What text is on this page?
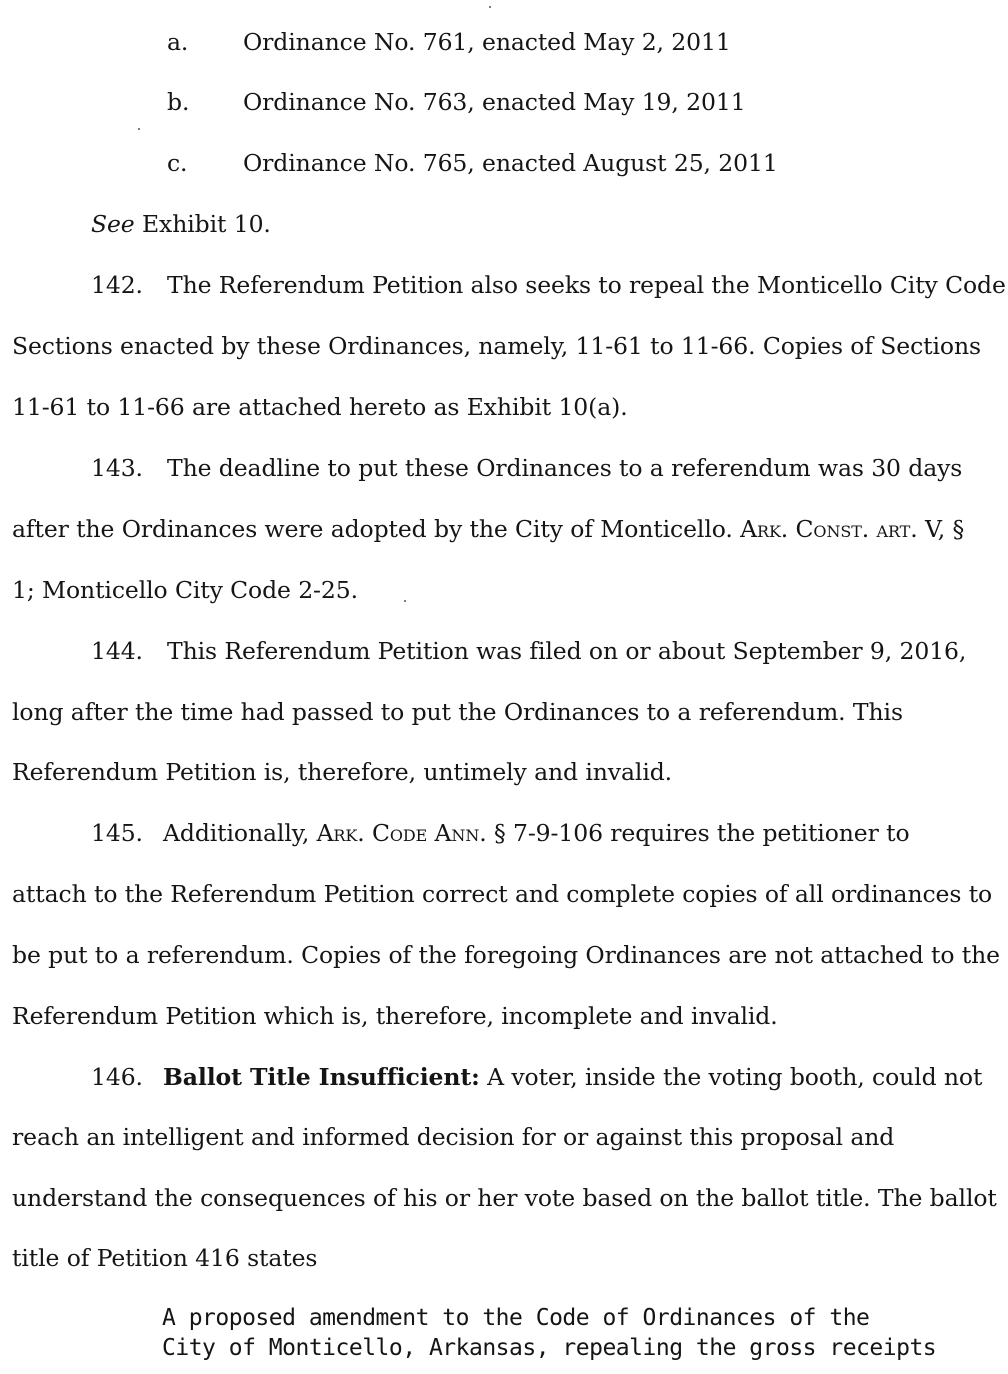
a. Ordinance No. 761, enacted May 2, 2011
b. Ordinance No. 763, enacted May 19, 2011
c. Ordinance No. 765, enacted August 25, 2011
See Exhibit 10.
142. The Referendum Petition also seeks to repeal the Monticello City Code
Sections enacted by these Ordinances, namely, 11-61 to 11-66. Copies of Sections
11-61 to 11-66 are attached hereto as Exhibit 10(a).
143. The deadline to put these Ordinances to a referendum was 30 days
after the Ordinances were adopted by the City of Monticello. Ark. Const. art. V, §
1; Monticello City Code 2-25.
144. This Referendum Petition was filed on or about September 9, 2016,
long after the time had passed to put the Ordinances to a referendum. This
Referendum Petition is, therefore, untimely and invalid.
145. Additionally, Ark. Code Ann. § 7-9-106 requires the petitioner to
attach to the Referendum Petition correct and complete copies of all ordinances to
be put to a referendum. Copies of the foregoing Ordinances are not attached to the
Referendum Petition which is, therefore, incomplete and invalid.
146. Ballot Title Insufficient: A voter, inside the voting booth, could not
reach an intelligent and informed decision for or against this proposal and
understand the consequences of his or her vote based on the ballot title. The ballot
title of Petition 416 states
A proposed amendment to the Code of Ordinances of the
City of Monticello, Arkansas, repealing the gross receipts
